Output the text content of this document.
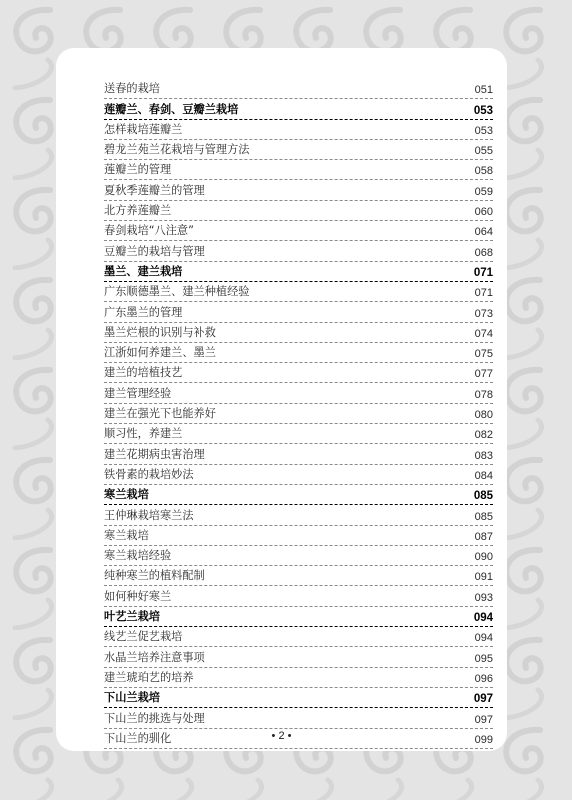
送春的栽培	051
莲瓣兰、春剑、豆瓣兰栽培	053
怎样栽培莲瓣兰	053
碧龙兰苑兰花栽培与管理方法	055
莲瓣兰的管理	058
夏秋季莲瓣兰的管理	059
北方养莲瓣兰	060
春剑栽培“八注意”	064
豆瓣兰的栽培与管理	068
墨兰、建兰栽培	071
广东顺德墨兰、建兰种植经验	071
广东墨兰的管理	073
墨兰烂根的识别与补救	074
江浙如何养建兰、墨兰	075
建兰的培植技艺	077
建兰管理经验	078
建兰在强光下也能养好	080
顺习性，养建兰	082
建兰花期病虫害治理	083
铁骨素的栽培妙法	084
寒兰栽培	085
王仲琳栽培寒兰法	085
寒兰栽培	087
寒兰栽培经验	090
纯种寒兰的植料配制	091
如何种好寒兰	093
叶艺兰栽培	094
线艺兰促艺栽培	094
水晶兰培养注意事项	095
建兰琥珀艺的培养	096
下山兰栽培	097
下山兰的挑选与处理	097
下山兰的驯化	099
• 2 •
